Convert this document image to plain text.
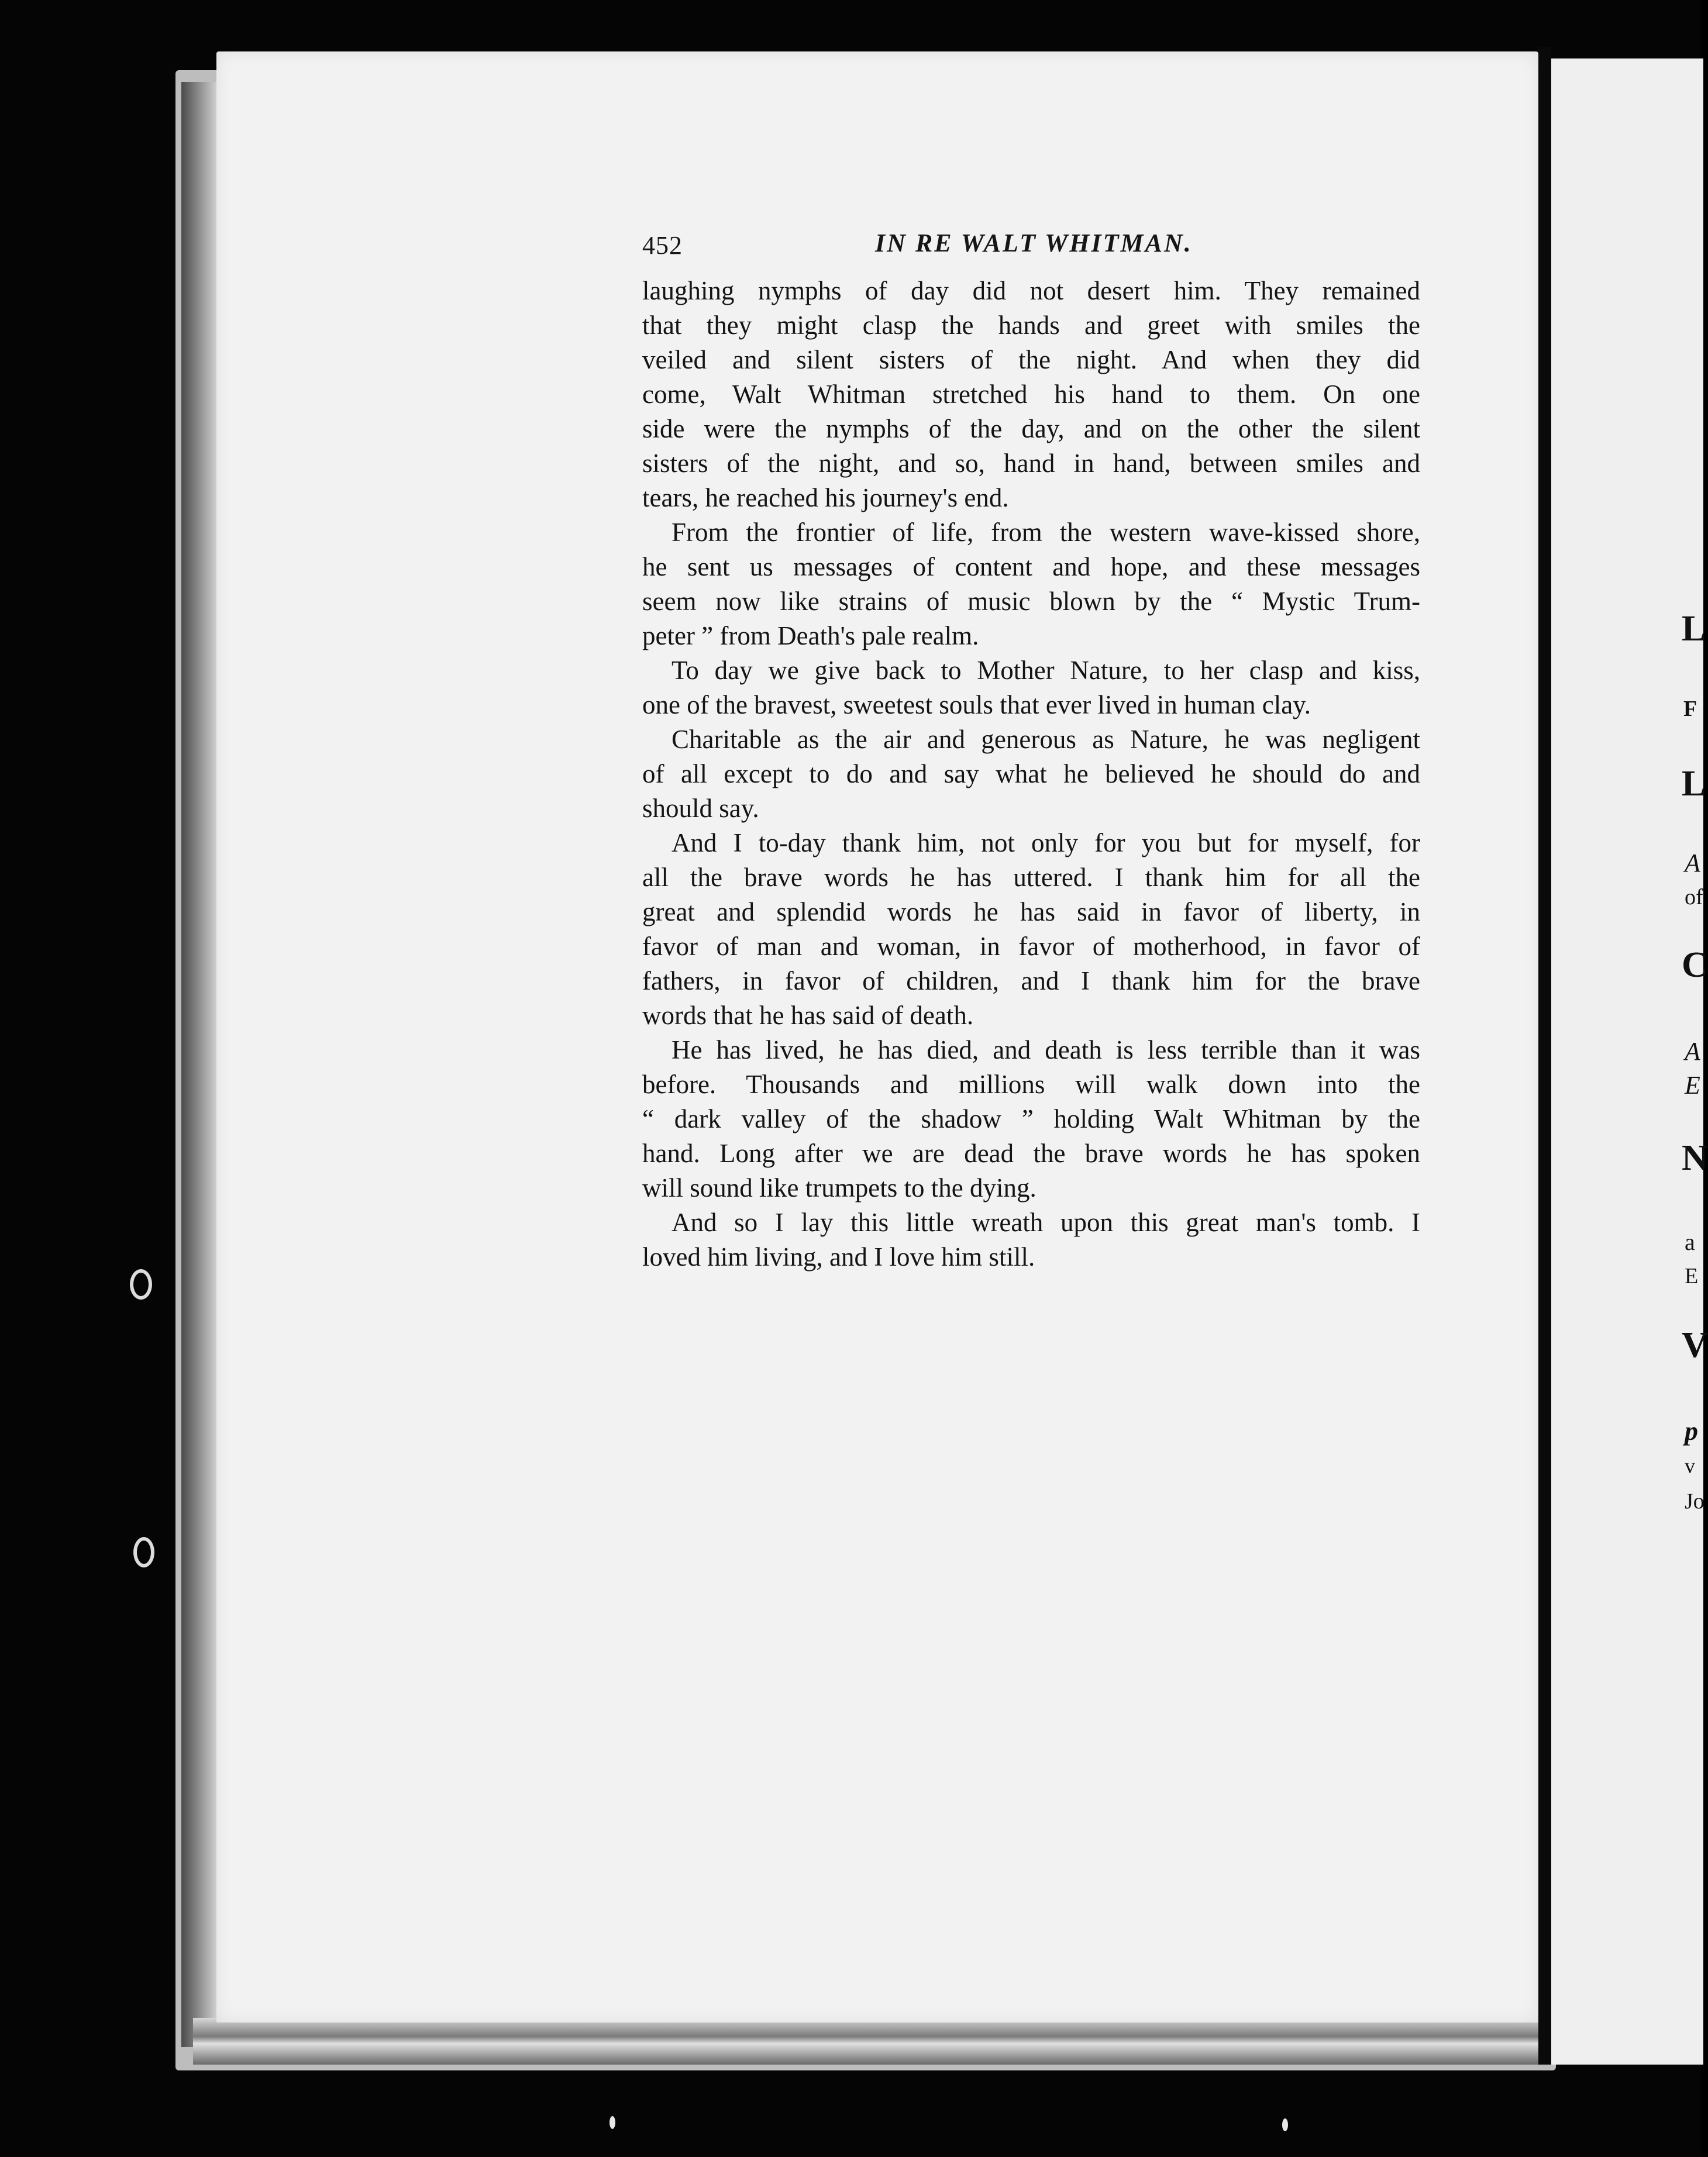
L
F
L
A
of
C
A
E
N
a
E
V
p
v
Jo
452	IN RE WALT WHITMAN.
laughing nymphs of day did not desert him. They remained
that they might clasp the hands and greet with smiles the
veiled and silent sisters of the night. And when they did
come, Walt Whitman stretched his hand to them. On one
side were the nymphs of the day, and on the other the silent
sisters of the night, and so, hand in hand, between smiles and
tears, he reached his journey's end.
From the frontier of life, from the western wave-kissed shore,
he sent us messages of content and hope, and these messages
seem now like strains of music blown by the “ Mystic Trum-
peter ” from Death's pale realm.
To day we give back to Mother Nature, to her clasp and kiss,
one of the bravest, sweetest souls that ever lived in human clay.
Charitable as the air and generous as Nature, he was negligent
of all except to do and say what he believed he should do and
should say.
And I to-day thank him, not only for you but for myself, for
all the brave words he has uttered. I thank him for all the
great and splendid words he has said in favor of liberty, in
favor of man and woman, in favor of motherhood, in favor of
fathers, in favor of children, and I thank him for the brave
words that he has said of death.
He has lived, he has died, and death is less terrible than it was
before. Thousands and millions will walk down into the
“ dark valley of the shadow ” holding Walt Whitman by the
hand. Long after we are dead the brave words he has spoken
will sound like trumpets to the dying.
And so I lay this little wreath upon this great man's tomb. I
loved him living, and I love him still.
